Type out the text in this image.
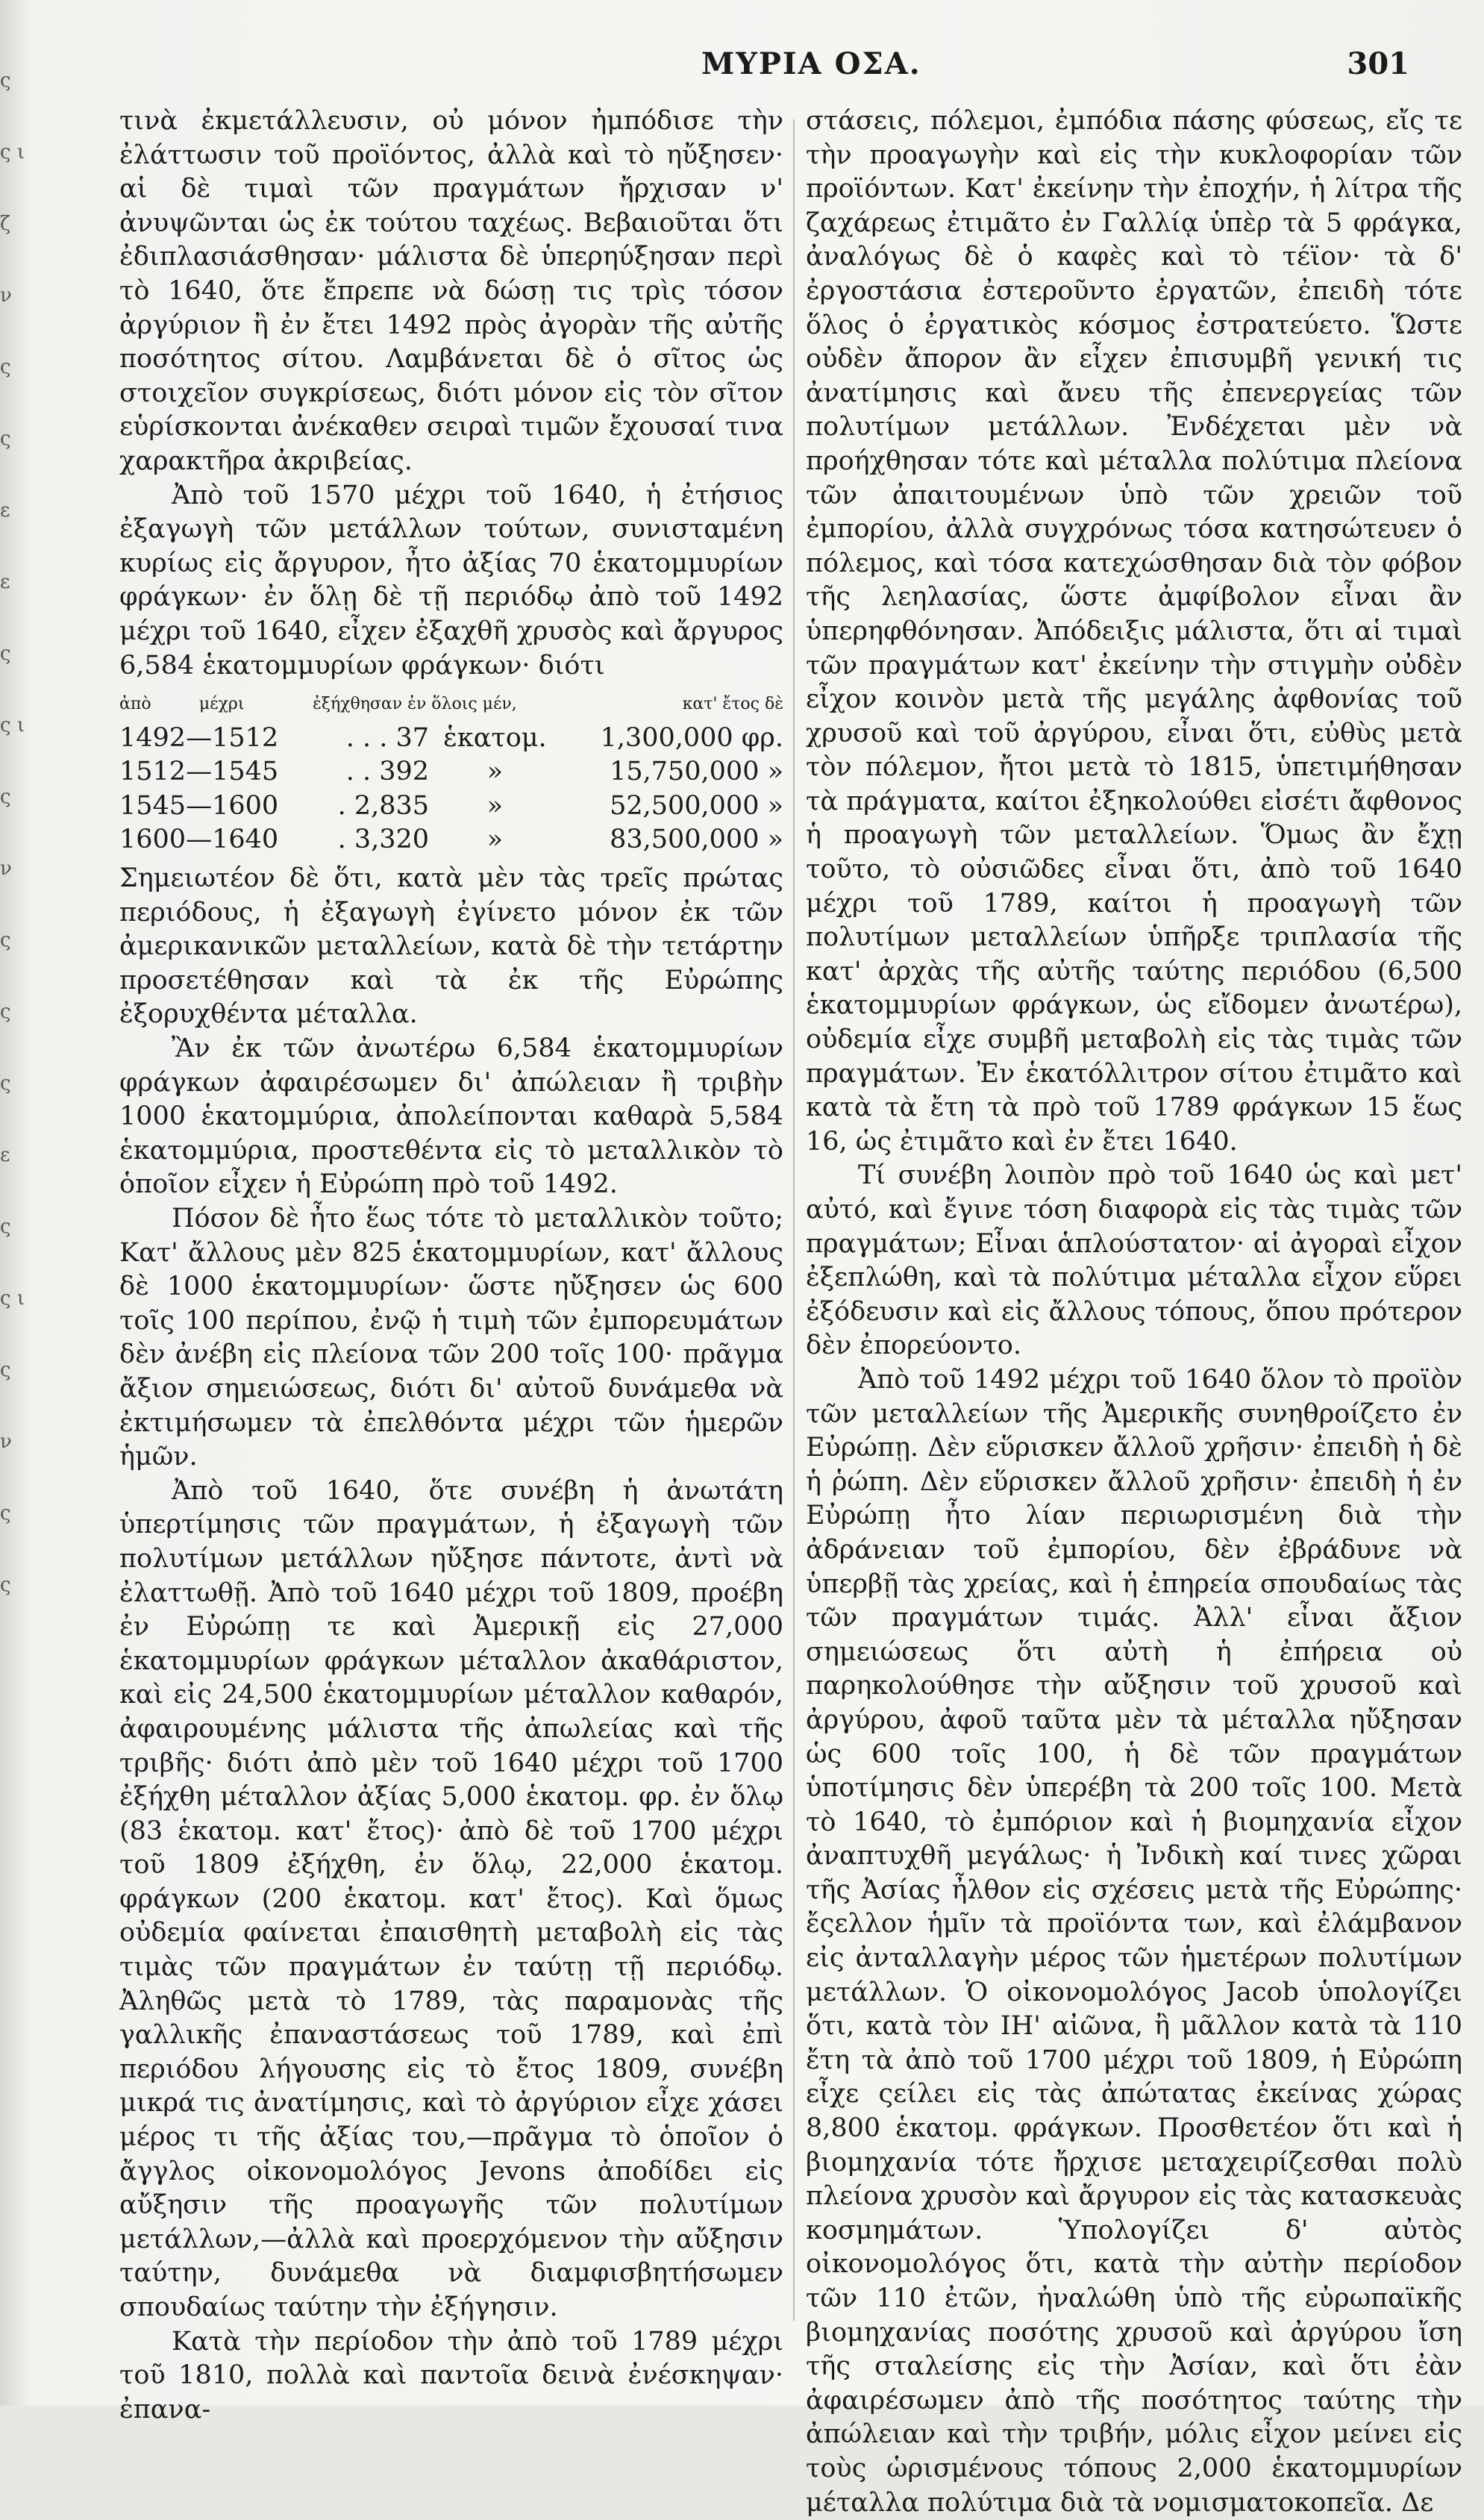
ς ς ι ζ ν ς ς ε ε ς ς ι ς ν ς ς ς ε ς ς ι ς ν ς ς
ΜΥΡΙΑ ΟΣΑ.	301

τινὰ ἐκμετάλλευσιν, οὐ μόνον ἠμπόδισε τὴν ἐλάττωσιν τοῦ προϊόντος, ἀλλὰ καὶ τὸ ηὔξησεν· αἱ δὲ τιμαὶ τῶν πραγμάτων ἤρχισαν ν' ἀνυψῶνται ὡς ἐκ τούτου ταχέως. Βεβαιοῦται ὅτι ἐδιπλασιάσθησαν· μάλιστα δὲ ὑπερηύξησαν περὶ τὸ 1640, ὅτε ἔπρεπε νὰ δώσῃ τις τρὶς τόσον ἀργύριον ἢ ἐν ἔτει 1492 πρὸς ἀγορὰν τῆς αὐτῆς ποσότητος σίτου. Λαμβάνεται δὲ ὁ σῖτος ὡς στοιχεῖον συγκρίσεως, διότι μόνον εἰς τὸν σῖτον εὑρίσκονται ἀνέκαθεν σειραὶ τιμῶν ἔχουσαί τινα χαρακτῆρα ἀκριβείας.

Ἀπὸ τοῦ 1570 μέχρι τοῦ 1640, ἡ ἐτήσιος ἐξαγωγὴ τῶν μετάλλων τούτων, συνισταμένη κυρίως εἰς ἄργυρον, ἦτο ἀξίας 70 ἑκατομμυρίων φράγκων· ἐν ὅλῃ δὲ τῇ περιόδῳ ἀπὸ τοῦ 1492 μέχρι τοῦ 1640, εἶχεν ἐξαχθῆ χρυσὸς καὶ ἄργυρος 6,584 ἑκατομμυρίων φράγκων· διότι

ἀπὸ	μέχρι	ἐξήχθησαν ἐν ὅλοις μέν,		κατ' ἔτος δὲ
1492—1512		. . . 37	ἑκατομ.	1,300,000 φρ.
1512—1545		. . 392	»	15,750,000 »
1545—1600		. 2,835	»	52,500,000 »
1600—1640		. 3,320	»	83,500,000 »

Σημειωτέον δὲ ὅτι, κατὰ μὲν τὰς τρεῖς πρώτας περιόδους, ἡ ἐξαγωγὴ ἐγίνετο μόνον ἐκ τῶν ἀμερικανικῶν μεταλλείων, κατὰ δὲ τὴν τετάρτην προσετέθησαν καὶ τὰ ἐκ τῆς Εὐρώπης ἐξορυχθέντα μέταλλα.

Ἂν ἐκ τῶν ἀνωτέρω 6,584 ἑκατομμυρίων φράγκων ἀφαιρέσωμεν δι' ἀπώλειαν ἢ τριβὴν 1000 ἑκατομμύρια, ἀπολείπονται καθαρὰ 5,584 ἑκατομμύρια, προστεθέντα εἰς τὸ μεταλλικὸν τὸ ὁποῖον εἶχεν ἡ Εὐρώπη πρὸ τοῦ 1492.

Πόσον δὲ ἦτο ἕως τότε τὸ μεταλλικὸν τοῦτο; Κατ' ἄλλους μὲν 825 ἑκατομμυρίων, κατ' ἄλλους δὲ 1000 ἑκατομμυρίων· ὥστε ηὔξησεν ὡς 600 τοῖς 100 περίπου, ἐνῷ ἡ τιμὴ τῶν ἐμπορευμάτων δὲν ἀνέβη εἰς πλείονα τῶν 200 τοῖς 100· πρᾶγμα ἄξιον σημειώσεως, διότι δι' αὐτοῦ δυνάμεθα νὰ ἐκτιμήσωμεν τὰ ἐπελθόντα μέχρι τῶν ἡμερῶν ἡμῶν.

Ἀπὸ τοῦ 1640, ὅτε συνέβη ἡ ἀνωτάτη ὑπερτίμησις τῶν πραγμάτων, ἡ ἐξαγωγὴ τῶν πολυτίμων μετάλλων ηὔξησε πάντοτε, ἀντὶ νὰ ἐλαττωθῇ. Ἀπὸ τοῦ 1640 μέχρι τοῦ 1809, προέβη ἐν Εὐρώπῃ τε καὶ Ἀμερικῇ εἰς 27,000 ἑκατομμυρίων φράγκων μέταλλον ἀκαθάριστον, καὶ εἰς 24,500 ἑκατομμυρίων μέταλλον καθαρόν, ἀφαιρουμένης μάλιστα τῆς ἀπωλείας καὶ τῆς τριβῆς· διότι ἀπὸ μὲν τοῦ 1640 μέχρι τοῦ 1700 ἐξήχθη μέταλλον ἀξίας 5,000 ἑκατομ. φρ. ἐν ὅλῳ (83 ἑκατομ. κατ' ἔτος)· ἀπὸ δὲ τοῦ 1700 μέχρι τοῦ 1809 ἐξήχθη, ἐν ὅλῳ, 22,000 ἑκατομ. φράγκων (200 ἑκατομ. κατ' ἔτος). Καὶ ὅμως οὐδεμία φαίνεται ἐπαισθητὴ μεταβολὴ εἰς τὰς τιμὰς τῶν πραγμάτων ἐν ταύτῃ τῇ περιόδῳ. Ἀληθῶς μετὰ τὸ 1789, τὰς παραμονὰς τῆς γαλλικῆς ἐπαναστάσεως τοῦ 1789, καὶ ἐπὶ περιόδου λήγουσης εἰς τὸ ἔτος 1809, συνέβη μικρά τις ἀνατίμησις, καὶ τὸ ἀργύριον εἶχε χάσει μέρος τι τῆς ἀξίας του,—πρᾶγμα τὸ ὁποῖον ὁ ἄγγλος οἰκονομολόγος Jevons ἀποδίδει εἰς αὔξησιν τῆς προαγωγῆς τῶν πολυτίμων μετάλλων,—ἀλλὰ καὶ προερχόμενον τὴν αὔξησιν ταύτην, δυνάμεθα νὰ διαμφισβητήσωμεν σπουδαίως ταύτην τὴν ἐξήγησιν.

Κατὰ τὴν περίοδον τὴν ἀπὸ τοῦ 1789 μέχρι τοῦ 1810, πολλὰ καὶ παντοῖα δεινὰ ἐνέσκηψαν· ἐπανα-

στάσεις, πόλεμοι, ἐμπόδια πάσης φύσεως, εἴς τε τὴν προαγωγὴν καὶ εἰς τὴν κυκλοφορίαν τῶν προϊόντων. Κατ' ἐκείνην τὴν ἐποχήν, ἡ λίτρα τῆς ζαχάρεως ἐτιμᾶτο ἐν Γαλλίᾳ ὑπὲρ τὰ 5 φράγκα, ἀναλόγως δὲ ὁ καφὲς καὶ τὸ τέϊον· τὰ δ' ἐργοστάσια ἐστεροῦντο ἐργατῶν, ἐπειδὴ τότε ὅλος ὁ ἐργατικὸς κόσμος ἐστρατεύετο. Ὥστε οὐδὲν ἄπορον ἂν εἶχεν ἐπισυμβῆ γενική τις ἀνατίμησις καὶ ἄνευ τῆς ἐπενεργείας τῶν πολυτίμων μετάλλων. Ἐνδέχεται μὲν νὰ προήχθησαν τότε καὶ μέταλλα πολύτιμα πλείονα τῶν ἀπαιτουμένων ὑπὸ τῶν χρειῶν τοῦ ἐμπορίου, ἀλλὰ συγχρόνως τόσα κατησώτευεν ὁ πόλεμος, καὶ τόσα κατεχώσθησαν διὰ τὸν φόβον τῆς λεηλασίας, ὥστε ἀμφίβολον εἶναι ἂν ὑπερηφθόνησαν. Ἀπόδειξις μάλιστα, ὅτι αἱ τιμαὶ τῶν πραγμάτων κατ' ἐκείνην τὴν στιγμὴν οὐδὲν εἶχον κοινὸν μετὰ τῆς μεγάλης ἀφθονίας τοῦ χρυσοῦ καὶ τοῦ ἀργύρου, εἶναι ὅτι, εὐθὺς μετὰ τὸν πόλεμον, ἤτοι μετὰ τὸ 1815, ὑπετιμήθησαν τὰ πράγματα, καίτοι ἐξηκολούθει εἰσέτι ἄφθονος ἡ προαγωγὴ τῶν μεταλλείων. Ὅμως ἂν ἔχῃ τοῦτο, τὸ οὐσιῶδες εἶναι ὅτι, ἀπὸ τοῦ 1640 μέχρι τοῦ 1789, καίτοι ἡ προαγωγὴ τῶν πολυτίμων μεταλλείων ὑπῆρξε τριπλασία τῆς κατ' ἀρχὰς τῆς αὐτῆς ταύτης περιόδου (6,500 ἑκατομμυρίων φράγκων, ὡς εἴδομεν ἀνωτέρω), οὐδεμία εἶχε συμβῆ μεταβολὴ εἰς τὰς τιμὰς τῶν πραγμάτων. Ἐν ἑκατόλλιτρον σίτου ἐτιμᾶτο καὶ κατὰ τὰ ἔτη τὰ πρὸ τοῦ 1789 φράγκων 15 ἕως 16, ὡς ἐτιμᾶτο καὶ ἐν ἔτει 1640.

Τί συνέβη λοιπὸν πρὸ τοῦ 1640 ὡς καὶ μετ' αὐτό, καὶ ἔγινε τόση διαφορὰ εἰς τὰς τιμὰς τῶν πραγμάτων; Εἶναι ἁπλούστατον· αἱ ἀγοραὶ εἶχον ἐξεπλώθη, καὶ τὰ πολύτιμα μέταλλα εἶχον εὕρει ἐξόδευσιν καὶ εἰς ἄλλους τόπους, ὅπου πρότερον δὲν ἐπορεύοντο.

Ἀπὸ τοῦ 1492 μέχρι τοῦ 1640 ὅλον τὸ προϊὸν τῶν μεταλλείων τῆς Ἀμερικῆς συνηθροίζετο ἐν Εὐρώπῃ. Δὲν εὕρισκεν ἄλλοῦ χρῆσιν· ἐπειδὴ ἡ δὲ ἡ ῥώπη. Δὲν εὕρισκεν ἄλλοῦ χρῆσιν· ἐπειδὴ ἡ ἐν Εὐρώπῃ ἦτο λίαν περιωρισμένη διὰ τὴν ἀδράνειαν τοῦ ἐμπορίου, δὲν ἐβράδυνε νὰ ὑπερβῇ τὰς χρείας, καὶ ἡ ἐπηρεία σπουδαίως τὰς τῶν πραγμάτων τιμάς. Ἀλλ' εἶναι ἄξιον σημειώσεως ὅτι αὐτὴ ἡ ἐπήρεια οὐ παρηκολούθησε τὴν αὔξησιν τοῦ χρυσοῦ καὶ ἀργύρου, ἀφοῦ ταῦτα μὲν τὰ μέταλλα ηὔξησαν ὡς 600 τοῖς 100, ἡ δὲ τῶν πραγμάτων ὑποτίμησις δὲν ὑπερέβη τὰ 200 τοῖς 100. Μετὰ τὸ 1640, τὸ ἐμπόριον καὶ ἡ βιομηχανία εἶχον ἀναπτυχθῆ μεγάλως· ἡ Ἰνδικὴ καί τινες χῶραι τῆς Ἀσίας ἦλθον εἰς σχέσεις μετὰ τῆς Εὐρώπης· ἔςελλον ἡμῖν τὰ προϊόντα των, καὶ ἐλάμβανον εἰς ἀνταλλαγὴν μέρος τῶν ἡμετέρων πολυτίμων μετάλλων. Ὁ οἰκονομολόγος Jacob ὑπολογίζει ὅτι, κατὰ τὸν ΙΗ' αἰῶνα, ἢ μᾶλλον κατὰ τὰ 110 ἔτη τὰ ἀπὸ τοῦ 1700 μέχρι τοῦ 1809, ἡ Εὐρώπη εἶχε ςείλει εἰς τὰς ἀπώτατας ἐκείνας χώρας 8,800 ἑκατομ. φράγκων. Προσθετέον ὅτι καὶ ἡ βιομηχανία τότε ἤρχισε μεταχειρίζεσθαι πολὺ πλείονα χρυσὸν καὶ ἄργυρον εἰς τὰς κατασκευὰς κοσμημάτων. Ὑπολογίζει δ' αὐτὸς οἰκονομολόγος ὅτι, κατὰ τὴν αὐτὴν περίοδον τῶν 110 ἐτῶν, ἠναλώθη ὑπὸ τῆς εὐρωπαϊκῆς βιομηχανίας ποσότης χρυσοῦ καὶ ἀργύρου ἴση τῆς σταλείσης εἰς τὴν Ἀσίαν, καὶ ὅτι ἐὰν ἀφαιρέσωμεν ἀπὸ τῆς ποσότητος ταύτης τὴν ἀπώλειαν καὶ τὴν τριβήν, μόλις εἶχον μείνει εἰς τοὺς ὡρισμένους τόπους 2,000 ἑκατομμυρίων μέταλλα πολύτιμα διὰ τὰ νομισματοκοπεῖα. Δε
